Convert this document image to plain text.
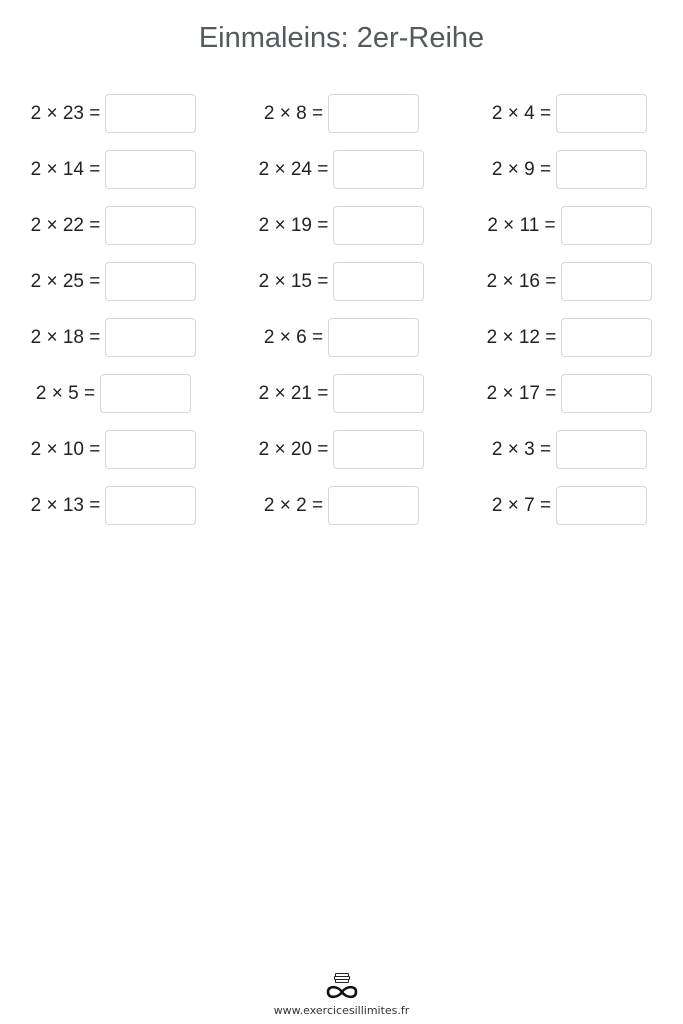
Einmaleins: 2er-Reihe
2 × 23 =	2 × 8 =	2 × 4 =
2 × 14 =	2 × 24 =	2 × 9 =
2 × 22 =	2 × 19 =	2 × 11 =
2 × 25 =	2 × 15 =	2 × 16 =
2 × 18 =	2 × 6 =	2 × 12 =
2 × 5 =	2 × 21 =	2 × 17 =
2 × 10 =	2 × 20 =	2 × 3 =
2 × 13 =	2 × 2 =	2 × 7 =
www.exercicesillimites.fr
